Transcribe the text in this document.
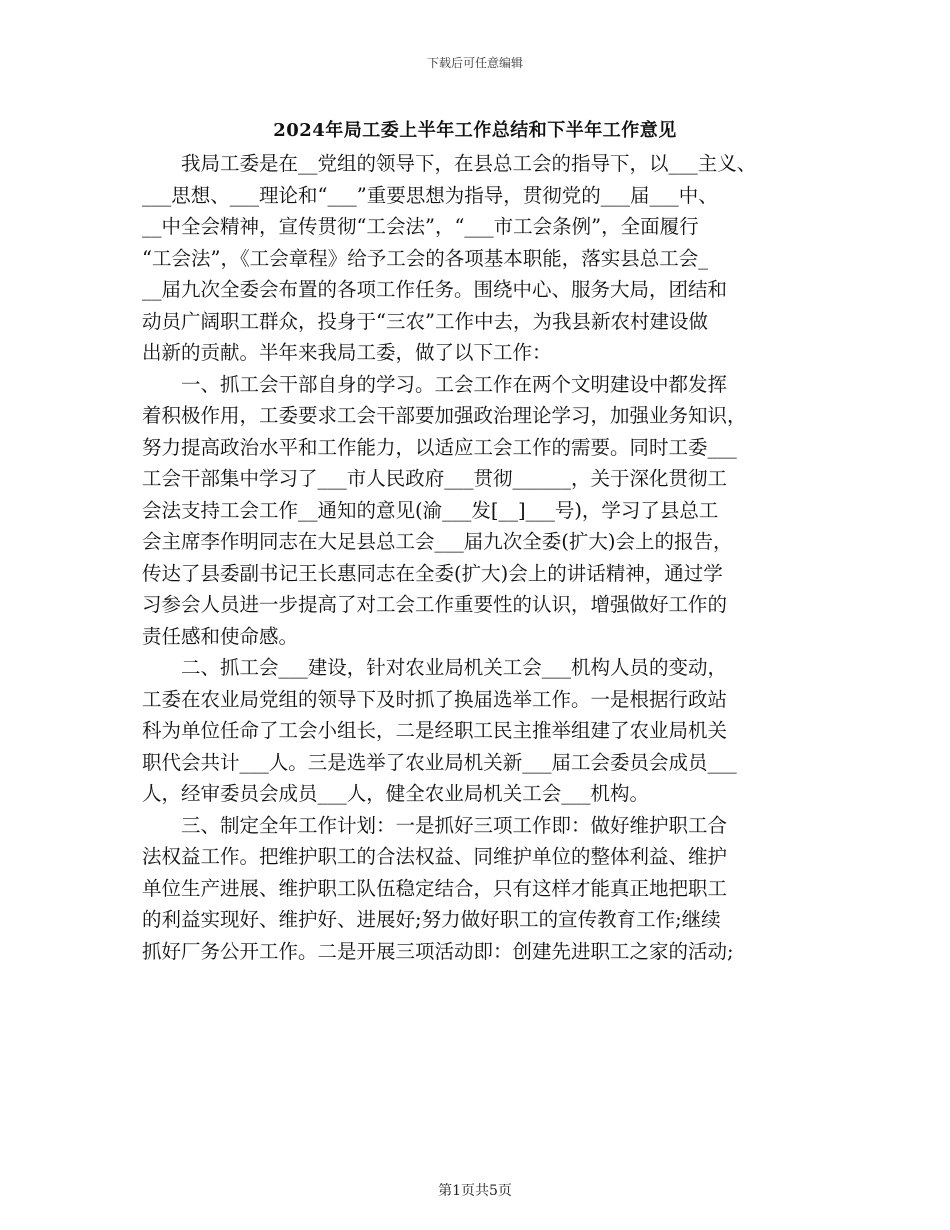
下载后可任意编辑
2024年局工委上半年工作总结和下半年工作意见
我局工委是在__党组的领导下，在县总工会的指导下，以___主义、
___思想、___理论和“___”重要思想为指导，贯彻党的___届___中、
__中全会精神，宣传贯彻“工会法”，“___市工会条例”，全面履行
“工会法”，《工会章程》给予工会的各项基本职能，落实县总工会_
__届九次全委会布置的各项工作任务。围绕中心、服务大局，团结和
动员广阔职工群众，投身于“三农”工作中去，为我县新农村建设做
出新的贡献。半年来我局工委，做了以下工作：
一、抓工会干部自身的学习。工会工作在两个文明建设中都发挥
着积极作用，工委要求工会干部要加强政治理论学习，加强业务知识，
努力提高政治水平和工作能力，以适应工会工作的需要。同时工委___
工会干部集中学习了___市人民政府___贯彻______，关于深化贯彻工
会法支持工会工作__通知的意见(渝___发[__]___号)，学习了县总工
会主席李作明同志在大足县总工会___届九次全委(扩大)会上的报告，
传达了县委副书记王长惠同志在全委(扩大)会上的讲话精神，通过学
习参会人员进一步提高了对工会工作重要性的认识，增强做好工作的
责任感和使命感。
二、抓工会___建设，针对农业局机关工会___机构人员的变动，
工委在农业局党组的领导下及时抓了换届选举工作。一是根据行政站
科为单位任命了工会小组长，二是经职工民主推举组建了农业局机关
职代会共计___人。三是选举了农业局机关新___届工会委员会成员___
人，经审委员会成员___人，健全农业局机关工会___机构。
三、制定全年工作计划：一是抓好三项工作即：做好维护职工合
法权益工作。把维护职工的合法权益、同维护单位的整体利益、维护
单位生产进展、维护职工队伍稳定结合，只有这样才能真正地把职工
的利益实现好、维护好、进展好;努力做好职工的宣传教育工作;继续
抓好厂务公开工作。二是开展三项活动即：创建先进职工之家的活动;
第1页共5页
